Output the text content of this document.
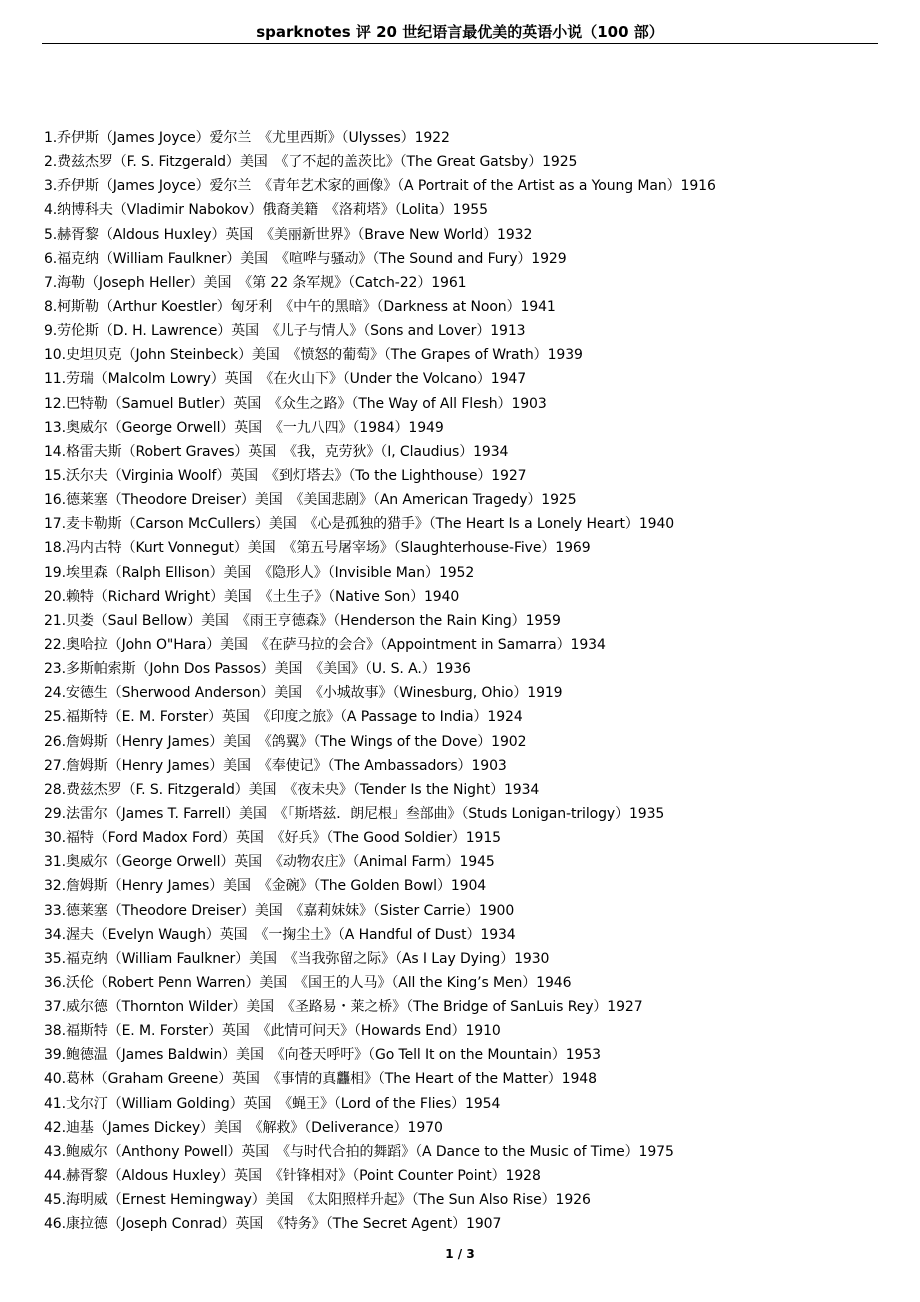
sparknotes 评 20 世纪语言最优美的英语小说（100 部）
1.乔伊斯（James Joyce）爱尔兰　《尤里西斯》（Ulysses）1922
2.费兹杰罗（F. S. Fitzgerald）美国　《了不起的盖茨比》（The Great Gatsby）1925
3.乔伊斯（James Joyce）爱尔兰　《青年艺术家的画像》（A Portrait of the Artist as a Young Man）1916
4.纳博科夫（Vladimir Nabokov）俄裔美籍　《洛莉塔》（Lolita）1955
5.赫胥黎（Aldous Huxley）英国　《美丽新世界》（Brave New World）1932
6.福克纳（William Faulkner）美国　《喧哗与骚动》（The Sound and Fury）1929
7.海勒（Joseph Heller）美国　《第 22 条军规》（Catch-22）1961
8.柯斯勒（Arthur Koestler）匈牙利　《中午的黑暗》（Darkness at Noon）1941
9.劳伦斯（D. H. Lawrence）英国　《儿子与情人》（Sons and Lover）1913
10.史坦贝克（John Steinbeck）美国　《愤怒的葡萄》（The Grapes of Wrath）1939
11.劳瑞（Malcolm Lowry）英国　《在火山下》（Under the Volcano）1947
12.巴特勒（Samuel Butler）英国　《众生之路》（The Way of All Flesh）1903
13.奥威尔（George Orwell）英国　《一九八四》（1984）1949
14.格雷夫斯（Robert Graves）英国　《我，克劳狄》（I, Claudius）1934
15.沃尔夫（Virginia Woolf）英国　《到灯塔去》（To the Lighthouse）1927
16.德莱塞（Theodore Dreiser）美国　《美国悲剧》（An American Tragedy）1925
17.麦卡勒斯（Carson McCullers）美国　《心是孤独的猎手》（The Heart Is a Lonely Heart）1940
18.冯内古特（Kurt Vonnegut）美国　《第五号屠宰场》（Slaughterhouse-Five）1969
19.埃里森（Ralph Ellison）美国　《隐形人》（Invisible Man）1952
20.赖特（Richard Wright）美国　《土生子》（Native Son）1940
21.贝娄（Saul Bellow）美国　《雨王亨德森》（Henderson the Rain King）1959
22.奥哈拉（John O"Hara）美国　《在萨马拉的会合》（Appointment in Samarra）1934
23.多斯帕索斯（John Dos Passos）美国　《美国》（U. S. A.）1936
24.安德生（Sherwood Anderson）美国　《小城故事》（Winesburg, Ohio）1919
25.福斯特（E. M. Forster）英国　《印度之旅》（A Passage to India）1924
26.詹姆斯（Henry James）美国　《鸽翼》（The Wings of the Dove）1902
27.詹姆斯（Henry James）美国　《奉使记》（The Ambassadors）1903
28.费兹杰罗（F. S. Fitzgerald）美国　《夜未央》（Tender Is the Night）1934
29.法雷尔（James T. Farrell）美国　《「斯塔兹．朗尼根」叁部曲》（Studs Lonigan-trilogy）1935
30.福特（Ford Madox Ford）英国　《好兵》（The Good Soldier）1915
31.奥威尔（George Orwell）英国　《动物农庄》（Animal Farm）1945
32.詹姆斯（Henry James）美国　《金碗》（The Golden Bowl）1904
33.德莱塞（Theodore Dreiser）美国　《嘉莉妹妹》（Sister Carrie）1900
34.渥夫（Evelyn Waugh）英国　《一掬尘土》（A Handful of Dust）1934
35.福克纳（William Faulkner）美国　《当我弥留之际》（As I Lay Dying）1930
36.沃伦（Robert Penn Warren）美国　《国王的人马》（All the King’s Men）1946
37.威尔德（Thornton Wilder）美国　《圣路易・莱之桥》（The Bridge of SanLuis Rey）1927
38.福斯特（E. M. Forster）英国　《此情可问天》（Howards End）1910
39.鲍德温（James Baldwin）美国　《向苍天呼吁》（Go Tell It on the Mountain）1953
40.葛林（Graham Greene）英国　《事情的真龘相》（The Heart of the Matter）1948
41.戈尔汀（William Golding）英国　《蝇王》（Lord of the Flies）1954
42.迪基（James Dickey）美国　《解救》（Deliverance）1970
43.鲍威尔（Anthony Powell）英国　《与时代合拍的舞蹈》（A Dance to the Music of Time）1975
44.赫胥黎（Aldous Huxley）英国　《针锋相对》（Point Counter Point）1928
45.海明威（Ernest Hemingway）美国　《太阳照样升起》（The Sun Also Rise）1926
46.康拉德（Joseph Conrad）英国　《特务》（The Secret Agent）1907
1 / 3
